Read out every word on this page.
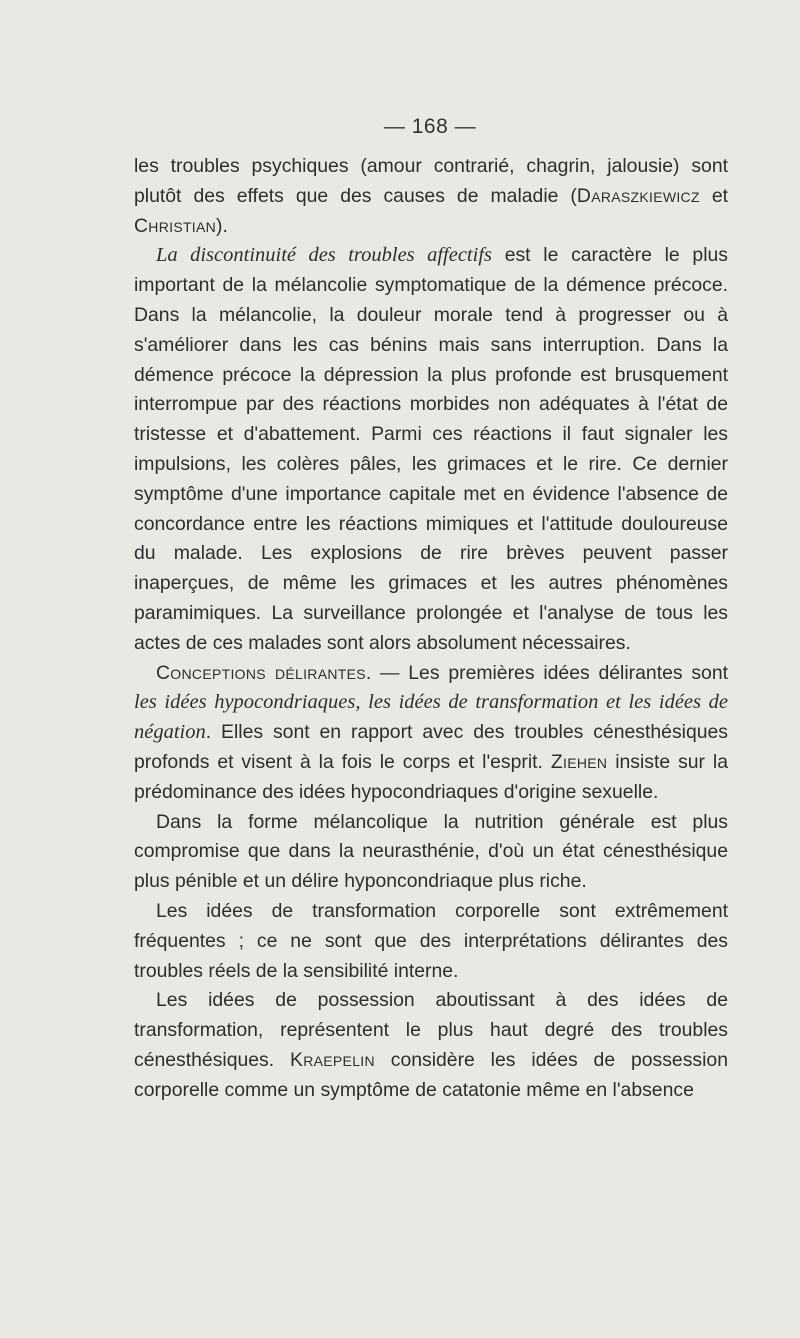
— 168 —

les troubles psychiques (amour contrarié, chagrin, jalousie) sont plutôt des effets que des causes de maladie (Daraszkiewicz et Christian).

La discontinuité des troubles affectifs est le caractère le plus important de la mélancolie symptomatique de la démence précoce. Dans la mélancolie, la douleur morale tend à progresser ou à s'améliorer dans les cas bénins mais sans interruption. Dans la démence précoce la dépression la plus profonde est brusquement interrompue par des réactions morbides non adéquates à l'état de tristesse et d'abattement. Parmi ces réactions il faut signaler les impulsions, les colères pâles, les grimaces et le rire. Ce dernier symptôme d'une importance capitale met en évidence l'absence de concordance entre les réactions mimiques et l'attitude douloureuse du malade. Les explosions de rire brèves peuvent passer inaperçues, de même les grimaces et les autres phénomènes paramimiques. La surveillance prolongée et l'analyse de tous les actes de ces malades sont alors absolument nécessaires.

Conceptions délirantes. — Les premières idées délirantes sont les idées hypocondriaques, les idées de transformation et les idées de négation. Elles sont en rapport avec des troubles cénesthésiques profonds et visent à la fois le corps et l'esprit. Ziehen insiste sur la prédominance des idées hypocondriaques d'origine sexuelle.

Dans la forme mélancolique la nutrition générale est plus compromise que dans la neurasthénie, d'où un état cénesthésique plus pénible et un délire hyponcondriaque plus riche.

Les idées de transformation corporelle sont extrêmement fréquentes ; ce ne sont que des interprétations délirantes des troubles réels de la sensibilité interne.

Les idées de possession aboutissant à des idées de transformation, représentent le plus haut degré des troubles cénesthésiques. Kraepelin considère les idées de possession corporelle comme un symptôme de catatonie même en l'absence
